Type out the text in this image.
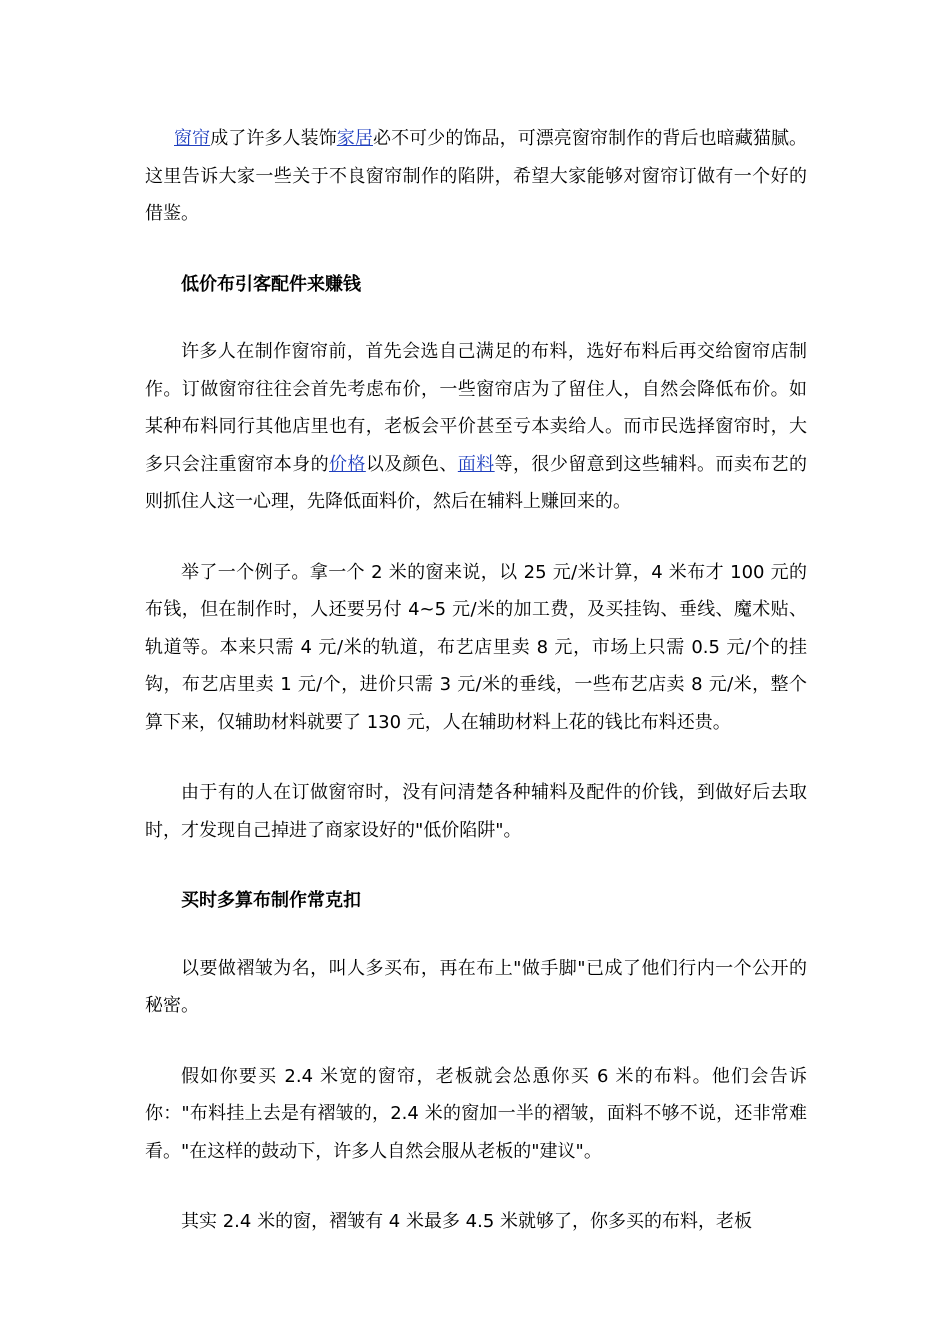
窗帘成了许多人装饰家居必不可少的饰品，可漂亮窗帘制作的背后也暗藏猫腻。这里告诉大家一些关于不良窗帘制作的陷阱，希望大家能够对窗帘订做有一个好的借鉴。

低价布引客配件来赚钱

许多人在制作窗帘前，首先会选自己满足的布料，选好布料后再交给窗帘店制作。订做窗帘往往会首先考虑布价，一些窗帘店为了留住人，自然会降低布价。如某种布料同行其他店里也有，老板会平价甚至亏本卖给人。而市民选择窗帘时，大多只会注重窗帘本身的价格以及颜色、面料等，很少留意到这些辅料。而卖布艺的则抓住人这一心理，先降低面料价，然后在辅料上赚回来的。

举了一个例子。拿一个 2 米的窗来说，以 25 元/米计算，4 米布才 100 元的布钱，但在制作时，人还要另付 4~5 元/米的加工费，及买挂钩、垂线、魔术贴、轨道等。本来只需 4 元/米的轨道，布艺店里卖 8 元，市场上只需 0.5 元/个的挂钩，布艺店里卖 1 元/个，进价只需 3 元/米的垂线，一些布艺店卖 8 元/米，整个算下来，仅辅助材料就要了 130 元，人在辅助材料上花的钱比布料还贵。

由于有的人在订做窗帘时，没有问清楚各种辅料及配件的价钱，到做好后去取时，才发现自己掉进了商家设好的"低价陷阱"。

买时多算布制作常克扣

以要做褶皱为名，叫人多买布，再在布上"做手脚"已成了他们行内一个公开的秘密。

假如你要买 2.4 米宽的窗帘，老板就会怂恿你买 6 米的布料。他们会告诉你："布料挂上去是有褶皱的，2.4 米的窗加一半的褶皱，面料不够不说，还非常难看。"在这样的鼓动下，许多人自然会服从老板的"建议"。

其实 2.4 米的窗，褶皱有 4 米最多 4.5 米就够了，你多买的布料，老板
